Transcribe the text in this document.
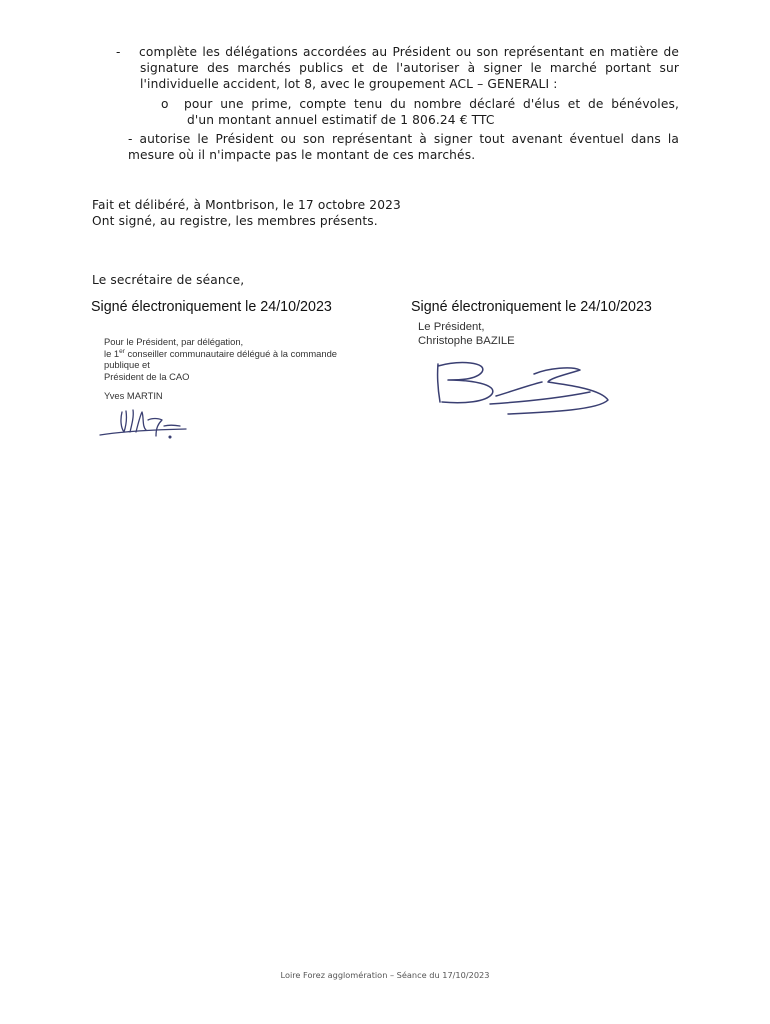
- complète les délégations accordées au Président ou son représentant en matière de
signature des marchés publics et de l'autoriser à signer le marché portant sur
l'individuelle accident, lot 8, avec le groupement ACL – GENERALI :
o pour une prime, compte tenu du nombre déclaré d'élus et de bénévoles,
d'un montant annuel estimatif de 1 806.24 € TTC
- autorise le Président ou son représentant à signer tout avenant éventuel dans la
mesure où il n'impacte pas le montant de ces marchés.
Fait et délibéré, à Montbrison, le 17 octobre 2023
Ont signé, au registre, les membres présents.
Le secrétaire de séance,
Signé électroniquement le 24/10/2023
Pour le Président, par délégation,
le 1er conseiller communautaire délégué à la commande
publique et
Président de la CAO
Yves MARTIN
Signé électroniquement le 24/10/2023
Le Président,
Christophe BAZILE
Loire Forez agglomération – Séance du 17/10/2023
